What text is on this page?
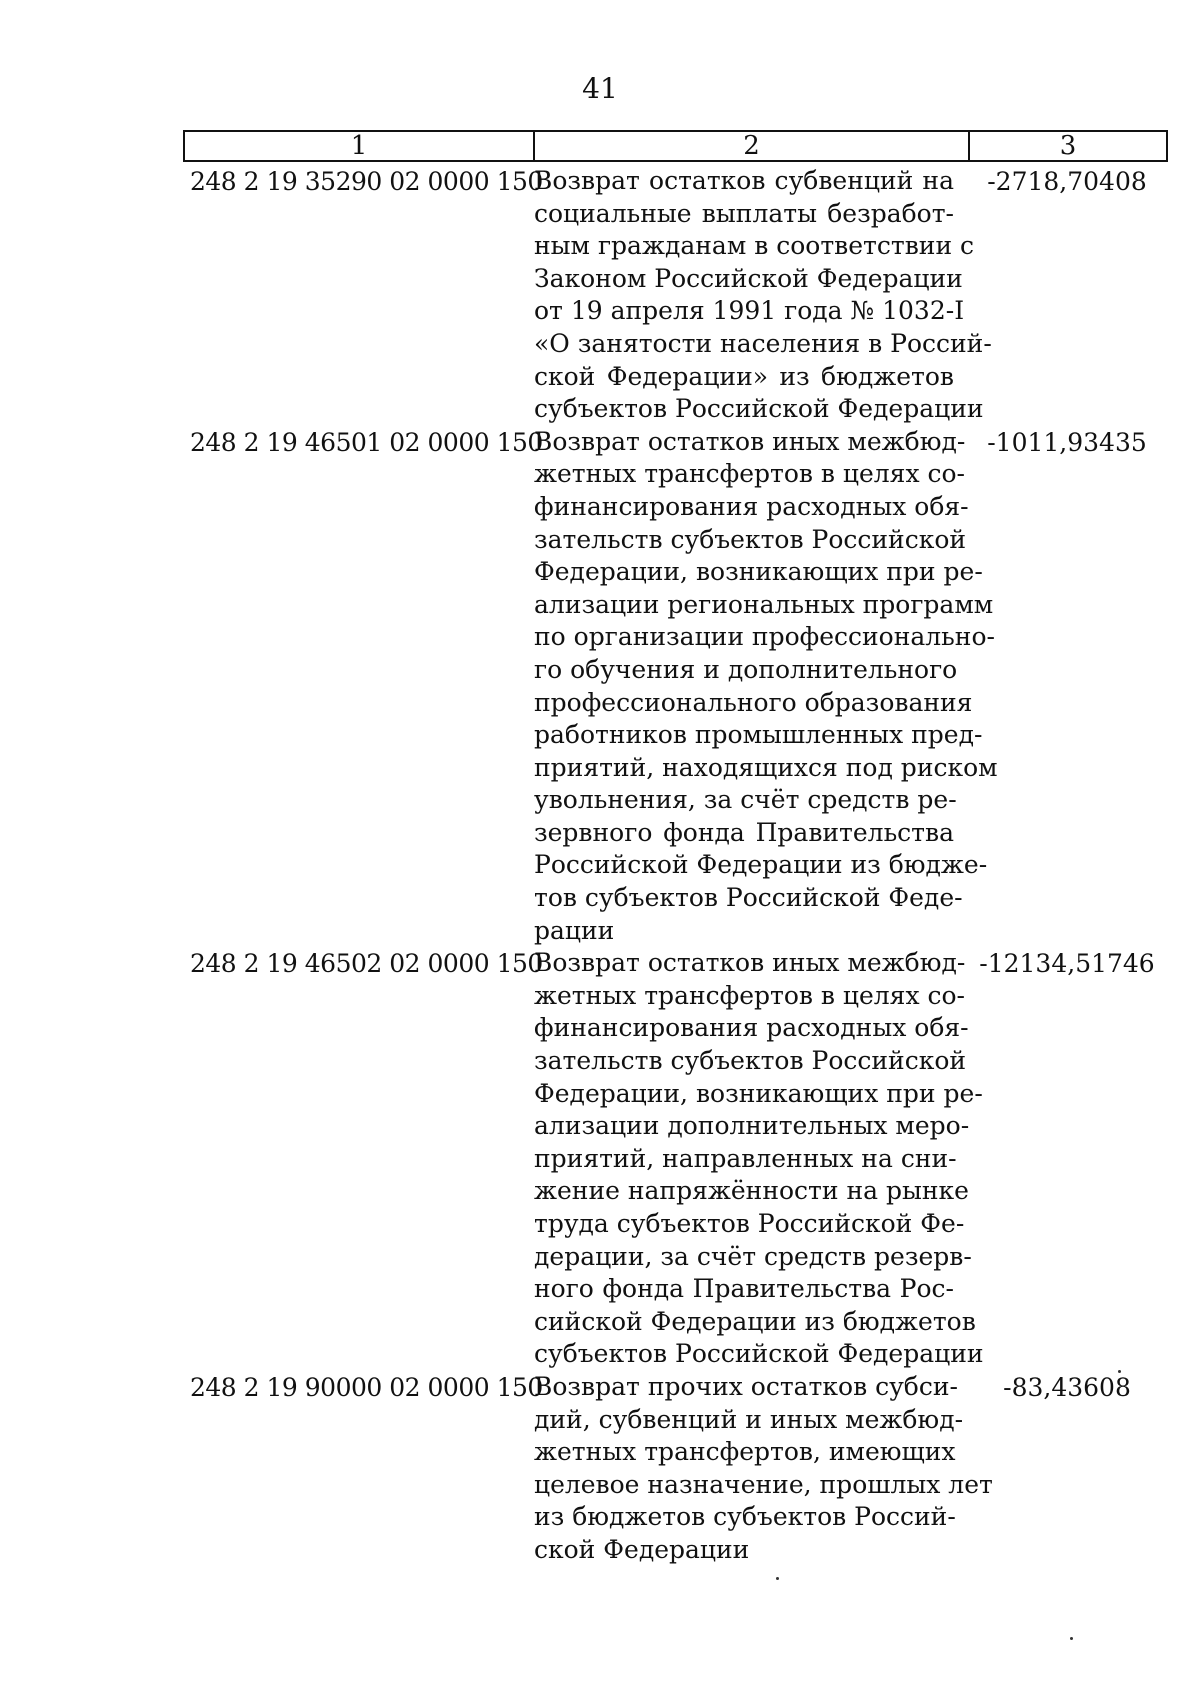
41
1	2	3
248 2 19 35290 02 0000 150
Возврат остатков субвенций на
социальные выплаты безработ-
ным гражданам в соответствии с
Законом Российской Федерации
от 19 апреля 1991 года № 1032-I
«О занятости населения в Россий-
ской Федерации» из бюджетов
субъектов Российской Федерации
-2718,70408
248 2 19 46501 02 0000 150
Возврат остатков иных межбюд-
жетных трансфертов в целях со-
финансирования расходных обя-
зательств субъектов Российской
Федерации, возникающих при ре-
ализации региональных программ
по организации профессионально-
го обучения и дополнительного
профессионального образования
работников промышленных пред-
приятий, находящихся под риском
увольнения, за счёт средств ре-
зервного фонда Правительства
Российской Федерации из бюдже-
тов субъектов Российской Феде-
рации
-1011,93435
248 2 19 46502 02 0000 150
Возврат остатков иных межбюд-
жетных трансфертов в целях со-
финансирования расходных обя-
зательств субъектов Российской
Федерации, возникающих при ре-
ализации дополнительных меро-
приятий, направленных на сни-
жение напряжённости на рынке
труда субъектов Российской Фе-
дерации, за счёт средств резерв-
ного фонда Правительства Рос-
сийской Федерации из бюджетов
субъектов Российской Федерации
-12134,51746
248 2 19 90000 02 0000 150
Возврат прочих остатков субси-
дий, субвенций и иных межбюд-
жетных трансфертов, имеющих
целевое назначение, прошлых лет
из бюджетов субъектов Россий-
ской Федерации
-83,43608
